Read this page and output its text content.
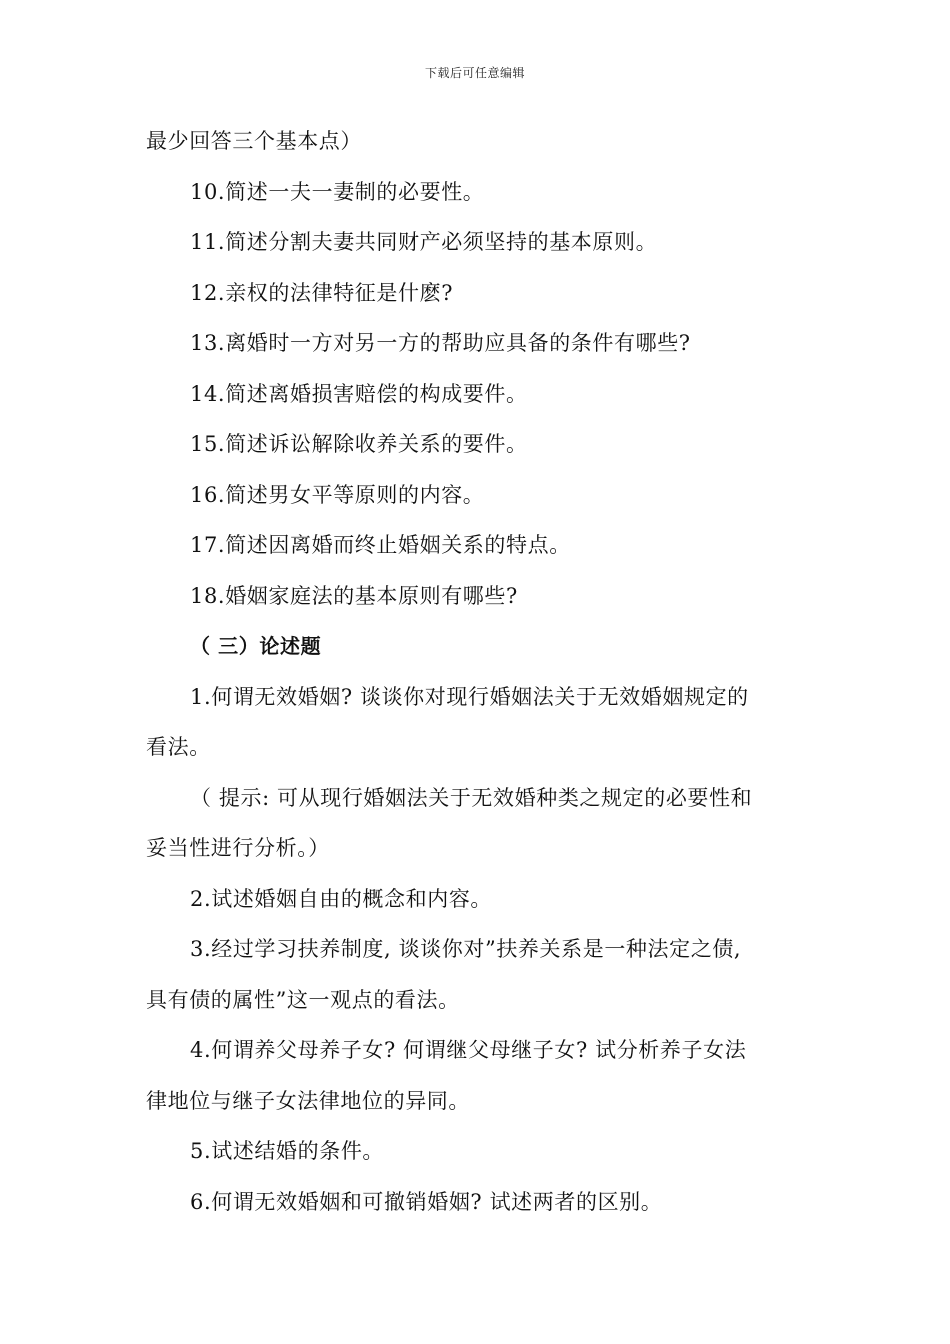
下载后可任意编辑
最少回答三个基本点）
10.简述一夫一妻制的必要性。
11.简述分割夫妻共同财产必须坚持的基本原则。
12.亲权的法律特征是什麽?
13.离婚时一方对另一方的帮助应具备的条件有哪些?
14.简述离婚损害赔偿的构成要件。
15.简述诉讼解除收养关系的要件。
16.简述男女平等原则的内容。
17.简述因离婚而终止婚姻关系的特点。
18.婚姻家庭法的基本原则有哪些?
（ 三）论述题
1.何谓无效婚姻? 谈谈你对现行婚姻法关于无效婚姻规定的
看法。
（ 提示: 可从现行婚姻法关于无效婚种类之规定的必要性和
妥当性进行分析。）
2.试述婚姻自由的概念和内容。
3.经过学习扶养制度, 谈谈你对”扶养关系是一种法定之债,
具有债的属性”这一观点的看法。
4.何谓养父母养子女? 何谓继父母继子女? 试分析养子女法
律地位与继子女法律地位的异同。
5.试述结婚的条件。
6.何谓无效婚姻和可撤销婚姻? 试述两者的区别。
